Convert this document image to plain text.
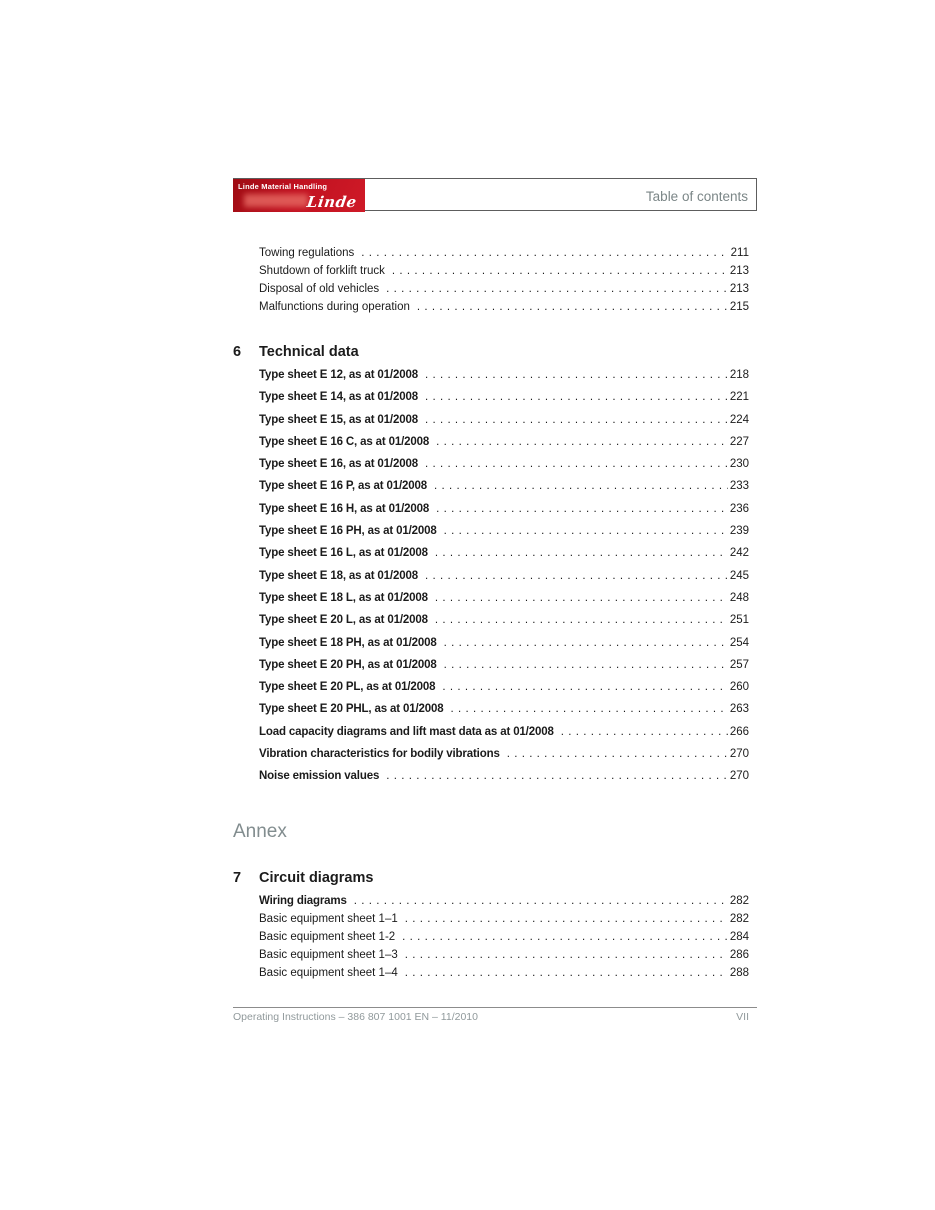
Linde Material Handling
Linde	Table of contents
Towing regulations .....	211
Shutdown of forklift truck .....	213
Disposal of old vehicles .....	213
Malfunctions during operation .....	215
6	Technical data
Type sheet E 12, as at 01/2008 .....	218
Type sheet E 14, as at 01/2008 .....	221
Type sheet E 15, as at 01/2008 .....	224
Type sheet E 16 C, as at 01/2008 .....	227
Type sheet E 16, as at 01/2008 .....	230
Type sheet E 16 P, as at 01/2008 .....	233
Type sheet E 16 H, as at 01/2008 .....	236
Type sheet E 16 PH, as at 01/2008 .....	239
Type sheet E 16 L, as at 01/2008 .....	242
Type sheet E 18, as at 01/2008 .....	245
Type sheet E 18 L, as at 01/2008 .....	248
Type sheet E 20 L, as at 01/2008 .....	251
Type sheet E 18 PH, as at 01/2008 .....	254
Type sheet E 20 PH, as at 01/2008 .....	257
Type sheet E 20 PL, as at 01/2008 .....	260
Type sheet E 20 PHL, as at 01/2008 .....	263
Load capacity diagrams and lift mast data as at 01/2008 .....	266
Vibration characteristics for bodily vibrations .....	270
Noise emission values .....	270
Annex
7	Circuit diagrams
Wiring diagrams .....	282
Basic equipment sheet 1–1 .....	282
Basic equipment sheet 1-2 .....	284
Basic equipment sheet 1–3 .....	286
Basic equipment sheet 1–4 .....	288
Operating Instructions – 386 807 1001 EN – 11/2010	VII
